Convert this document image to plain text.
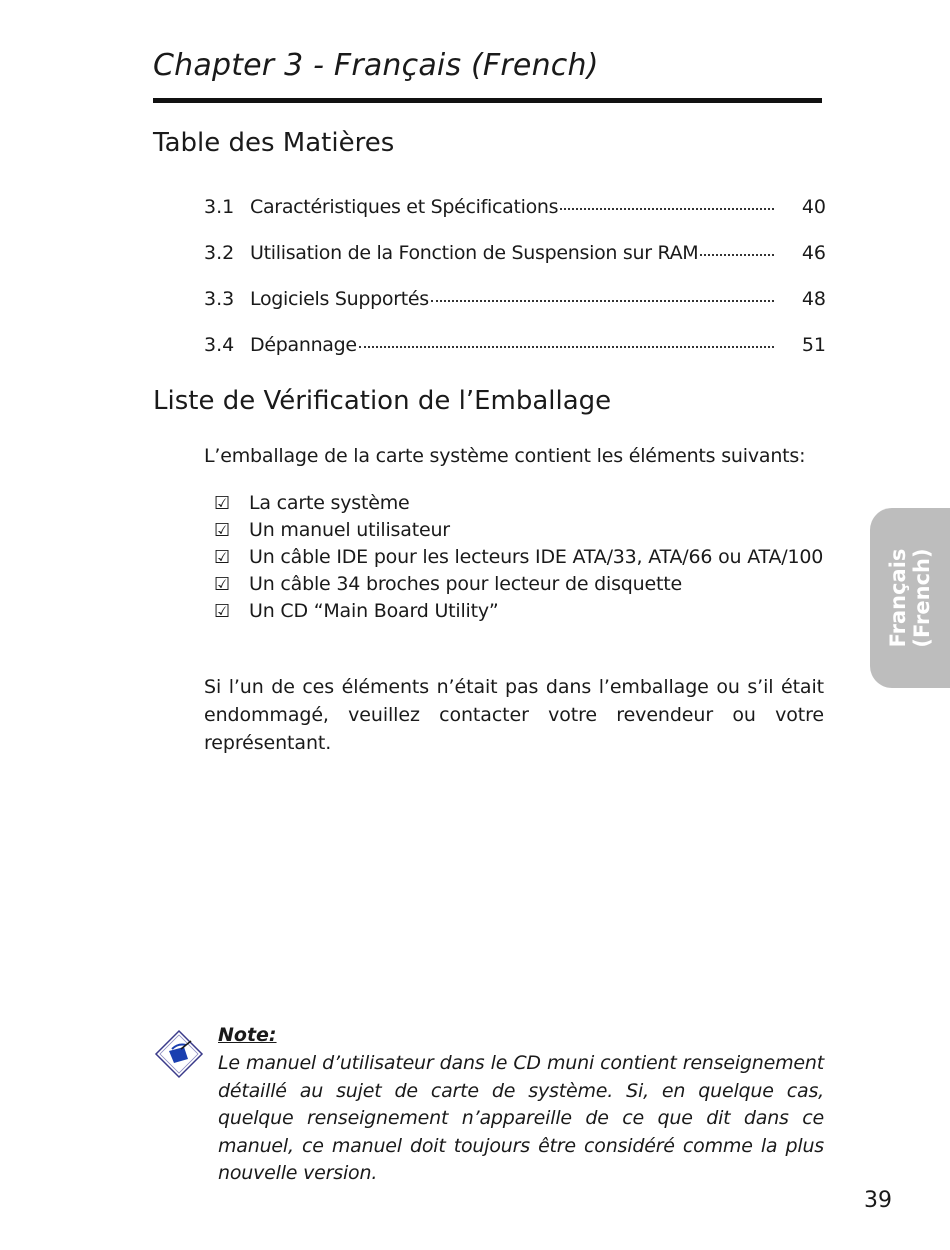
Chapter 3 - Français (French)
Table des Matières
3.1 Caractéristiques et Spécifications	40
3.2 Utilisation de la Fonction de Suspension sur RAM	46
3.3 Logiciels Supportés	48
3.4 Dépannage	51
Liste de Vérification de l’Emballage

L’emballage de la carte système contient les éléments suivants:

☑ La carte système
☑ Un manuel utilisateur
☑ Un câble IDE pour les lecteurs IDE ATA/33, ATA/66 ou ATA/100
☑ Un câble 34 broches pour lecteur de disquette
☑ Un CD “Main Board Utility”

Si l’un de ces éléments n’était pas dans l’emballage ou s’il était endommagé, veuillez contacter votre revendeur ou votre représentant.

Note:

Le manuel d’utilisateur dans le CD muni contient renseignement détaillé au sujet de carte de système. Si, en quelque cas, quelque renseignement n’appareille de ce que dit dans ce manuel, ce manuel doit toujours être considéré comme la plus nouvelle version.

Français (French)

39
